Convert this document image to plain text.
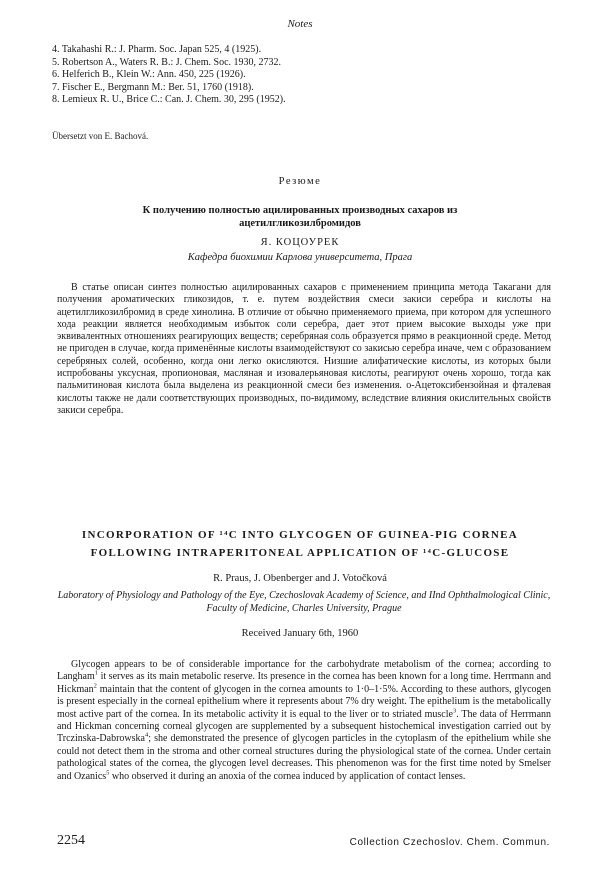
Notes
4. Takahashi R.: J. Pharm. Soc. Japan 525, 4 (1925).
5. Robertson A., Waters R. B.: J. Chem. Soc. 1930, 2732.
6. Helferich B., Klein W.: Ann. 450, 225 (1926).
7. Fischer E., Bergmann M.: Ber. 51, 1760 (1918).
8. Lemieux R. U., Brice C.: Can. J. Chem. 30, 295 (1952).
Übersetzt von E. Bachová.
Резюме
К получению полностью ацилированных производных сахаров из ацетилгликозилбромидов
Я. КОЦОУРЕК
Кафедра биохимии Карлова университета, Прага
В статье описан синтез полностью ацилированных сахаров с применением принципа метода Такагани для получения ароматических гликозидов, т. е. путем воздействия смеси закиси серебра и кислоты на ацетилгликозилбромид в среде хинолина. В отличие от обычно применяемого приема, при котором для успешного хода реакции является необходимым избыток соли серебра, дает этот прием высокие выходы уже при эквивалентных отношениях реагирующих веществ; серебряная соль образуется прямо в реакционной среде. Метод не пригоден в случае, когда применённые кислоты взаимодействуют со закисью серебра иначе, чем с образованием серебряных солей, особенно, когда они легко окисляются. Низшие алифатические кислоты, из которых были испробованы уксусная, пропионовая, масляная и изовалерьяновая кислоты, реагируют очень хорошо, тогда как пальмитиновая кислота была выделена из реакционной смеси без изменения. o-Ацетоксибензойная и фталевая кислоты также не дали соответствующих производных, по-видимому, вследствие влияния окислительных свойств закиси серебра.
INCORPORATION OF ¹⁴C INTO GLYCOGEN OF GUINEA-PIG CORNEA
FOLLOWING INTRAPERITONEAL APPLICATION OF ¹⁴C-GLUCOSE
R. Praus, J. Obenberger and J. Votočková
Laboratory of Physiology and Pathology of the Eye, Czechoslovak Academy of Science, and IInd Ophthalmological Clinic, Faculty of Medicine, Charles University, Prague
Received January 6th, 1960
Glycogen appears to be of considerable importance for the carbohydrate metabolism of the cornea; according to Langham$^1$ it serves as its main metabolic reserve. Its presence in the cornea has been known for a long time. Herrmann and Hickman$^2$ maintain that the content of glycogen in the cornea amounts to 1·0–1·5%. According to these authors, glycogen is present especially in the corneal epithelium where it represents about 7% dry weight. The epithelium is the metabolically most active part of the cornea. In its metabolic activity it is equal to the liver or to striated muscle$^3$. The data of Herrmann and Hickman concerning corneal glycogen are supplemented by a subsequent histochemical investigation carried out by Trczinska-Dabrowska$^4$; she demonstrated the presence of glycogen particles in the cytoplasm of the epithelium while she could not detect them in the stroma and other corneal structures during the physiological state of the cornea. Under certain pathological states of the cornea, the glycogen level decreases. This phenomenon was for the first time noted by Smelser and Ozanics$^5$ who observed it during an anoxia of the cornea induced by application of contact lenses.
2254	Collection Czechoslov. Chem. Commun.
